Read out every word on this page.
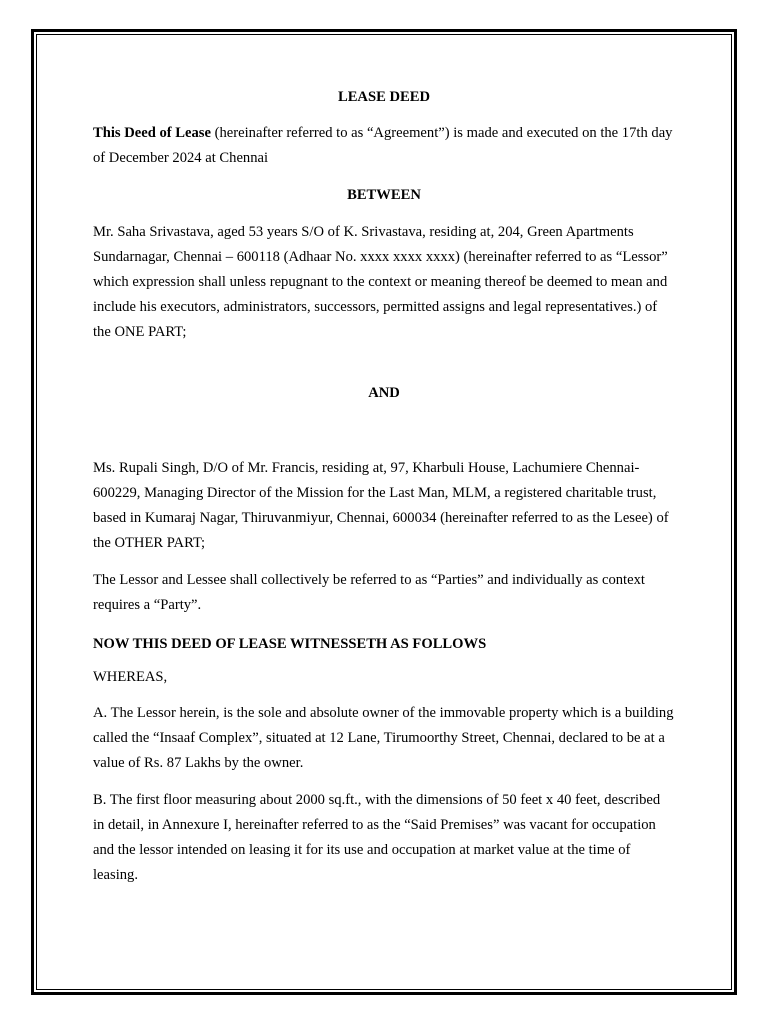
LEASE DEED

This Deed of Lease (hereinafter referred to as “Agreement”) is made and executed on the 17th day of December 2024 at Chennai

BETWEEN

Mr. Saha Srivastava, aged 53 years S/O of K. Srivastava, residing at, 204, Green Apartments Sundarnagar, Chennai – 600118 (Adhaar No. xxxx xxxx xxxx) (hereinafter referred to as “Lessor” which expression shall unless repugnant to the context or meaning thereof be deemed to mean and include his executors, administrators, successors, permitted assigns and legal representatives.) of the ONE PART;

AND

Ms. Rupali Singh, D/O of Mr. Francis, residing at, 97, Kharbuli House, Lachumiere Chennai-600229, Managing Director of the Mission for the Last Man, MLM, a registered charitable trust, based in Kumaraj Nagar, Thiruvanmiyur, Chennai, 600034 (hereinafter referred to as the Lesee) of the OTHER PART;

The Lessor and Lessee shall collectively be referred to as “Parties” and individually as context requires a “Party”.

NOW THIS DEED OF LEASE WITNESSETH AS FOLLOWS

WHEREAS,

A. The Lessor herein, is the sole and absolute owner of the immovable property which is a building called the “Insaaf Complex”, situated at 12 Lane, Tirumoorthy Street, Chennai, declared to be at a value of Rs. 87 Lakhs by the owner.

B. The first floor measuring about 2000 sq.ft., with the dimensions of 50 feet x 40 feet, described in detail, in Annexure I, hereinafter referred to as the “Said Premises” was vacant for occupation and the lessor intended on leasing it for its use and occupation at market value at the time of leasing.
